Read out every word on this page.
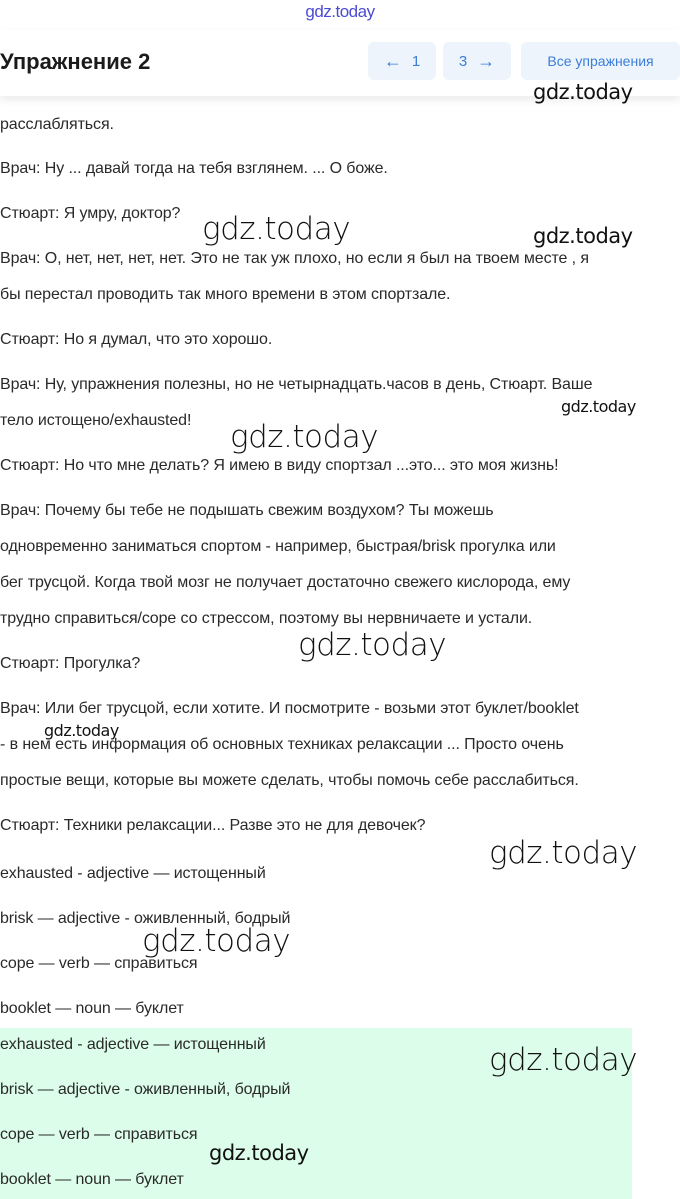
gdz.today

расслабляться.

Врач: Ну ... давай тогда на тебя взглянем. ... О боже.

Стюарт: Я умру, доктор?

Врач: О, нет, нет, нет, нет. Это не так уж плохо, но если я был на твоем месте , я

бы перестал проводить так много времени в этом спортзале.

Стюарт: Но я думал, что это хорошо.

Врач: Ну, упражнения полезны, но не четырнадцать.часов в день, Стюарт. Ваше

тело истощено/exhausted!

Стюарт: Но что мне делать? Я имею в виду спортзал ...это... это моя жизнь!

Врач: Почему бы тебе не подышать свежим воздухом? Ты можешь

одновременно заниматься спортом - например, быстрая/brisk прогулка или

бег трусцой. Когда твой мозг не получает достаточно свежего кислорода, ему

трудно справиться/cope со стрессом, поэтому вы нервничаете и устали.

Стюарт: Прогулка?

Врач: Или бег трусцой, если хотите. И посмотрите - возьми этот буклет/booklet

- в нем есть информация об основных техниках релаксации ... Просто очень

простые вещи, которые вы можете сделать, чтобы помочь себе расслабиться.

Стюарт: Техники релаксации... Разве это не для девочек?

exhausted - adjective — истощенный

brisk — adjective - оживленный, бодрый

cope — verb — справиться

booklet — noun — буклет

exhausted - adjective — истощенный

brisk — adjective - оживленный, бодрый

cope — verb — справиться

booklet — noun — буклет

Упражнение 2	← 1	3 →	Все упражнения
gdz.today
gdz.today	gdz.today
gdz.today
gdz.today
gdz.today
gdz.today
gdz.today
gdz.today
gdz.today
gdz.today
